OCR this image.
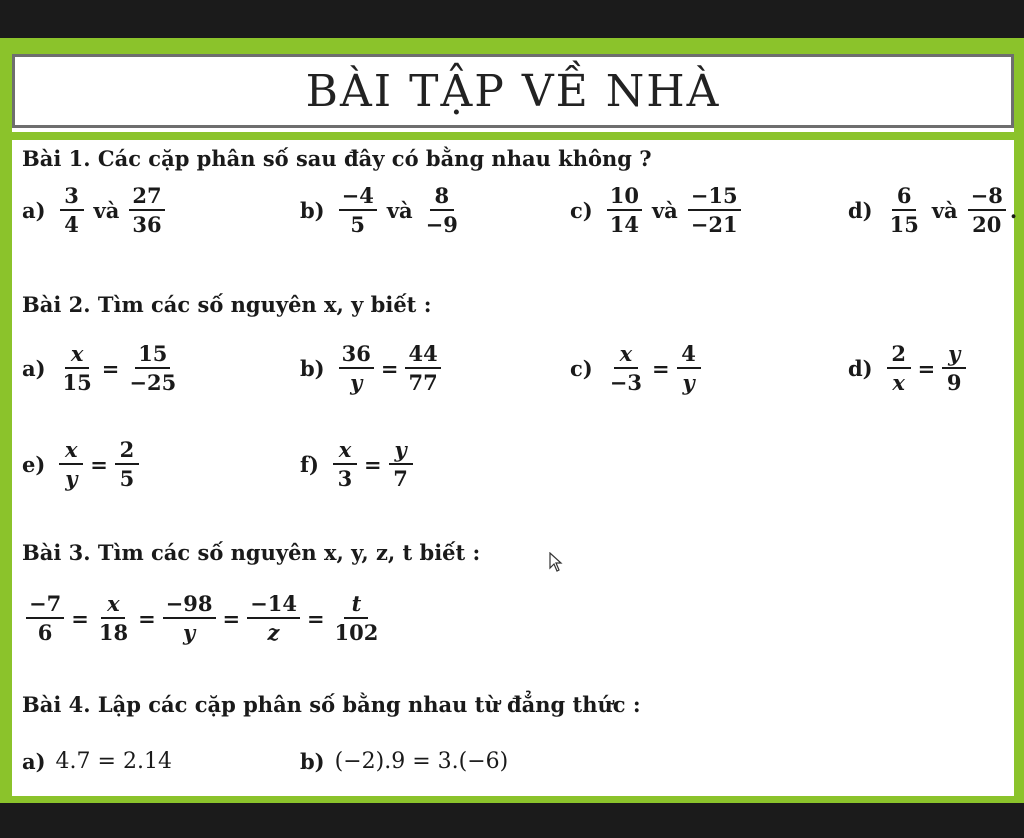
BÀI TẬP VỀ NHÀ
Bài 1. Các cặp phân số sau đây có bằng nhau không ?
$a) \frac{3}{4}$ và $\frac{27}{36}$	$b) \frac{-4}{5}$ và $\frac{8}{-9}$	$c) \frac{10}{14}$ và $\frac{-15}{-21}$	$d) \frac{6}{15}$ và $\frac{-8}{20}$ .
Bài 2. Tìm các số nguyên x, y biết :
$a) \frac{x}{15} = \frac{15}{-25}$	$b) \frac{36}{y} = \frac{44}{77}$	$c) \frac{x}{-3} = \frac{4}{y}$	$d) \frac{2}{x} = \frac{y}{9}$
$e) \frac{x}{y} = \frac{2}{5}$	$f) \frac{x}{3} = \frac{y}{7}$
Bài 3. Tìm các số nguyên x, y, z, t biết :
$\frac{-7}{6} = \frac{x}{18} = \frac{-98}{y} = \frac{-14}{z} = \frac{t}{102}$
Bài 4. Lập các cặp phân số bằng nhau từ đẳng thức :
a) 4.7 = 2.14	b) (−2).9 = 3.(−6)
